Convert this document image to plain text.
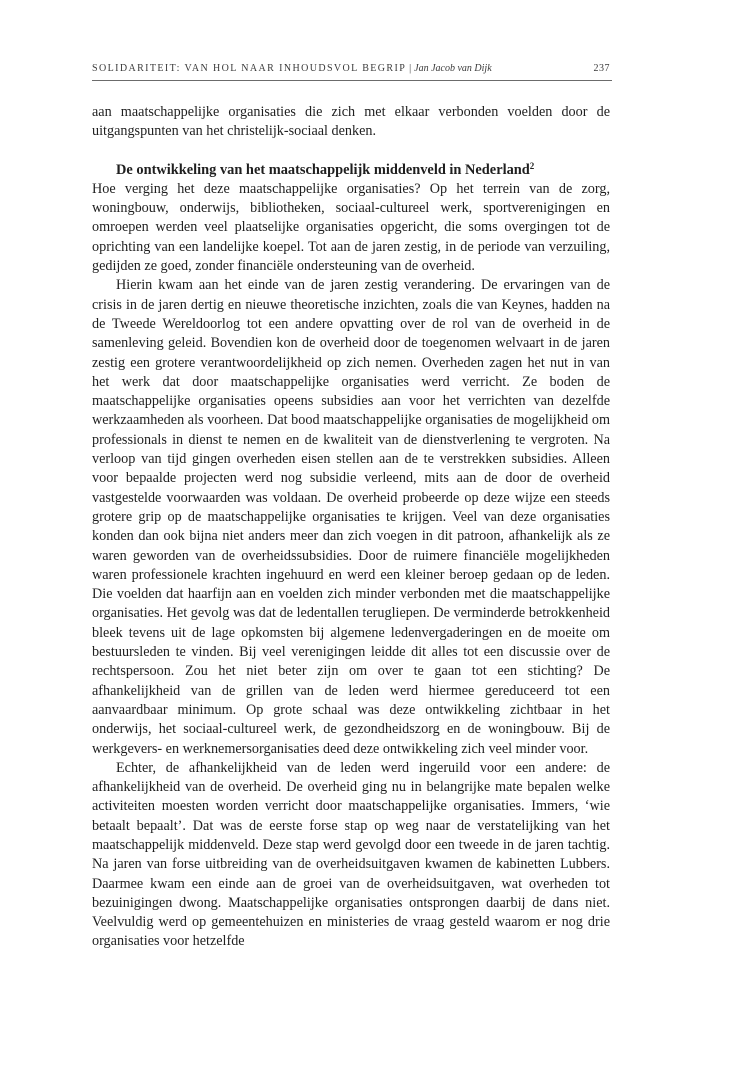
SOLIDARITEIT: VAN HOL NAAR INHOUDSVOL BEGRIP | Jan Jacob van Dijk	237

aan maatschappelijke organisaties die zich met elkaar verbonden voelden door de uitgangspunten van het christelijk-sociaal denken.

De ontwikkeling van het maatschappelijk middenveld in Nederland$^2$

Hoe verging het deze maatschappelijke organisaties? Op het terrein van de zorg, woningbouw, onderwijs, bibliotheken, sociaal-cultureel werk, sportverenigingen en omroepen werden veel plaatselijke organisaties opgericht, die soms overgingen tot de oprichting van een landelijke koepel. Tot aan de jaren zestig, in de periode van verzuiling, gedijden ze goed, zonder financiële ondersteuning van de overheid.

Hierin kwam aan het einde van de jaren zestig verandering. De ervaringen van de crisis in de jaren dertig en nieuwe theoretische inzichten, zoals die van Keynes, hadden na de Tweede Wereldoorlog tot een andere opvatting over de rol van de overheid in de samenleving geleid. Bovendien kon de overheid door de toegenomen welvaart in de jaren zestig een grotere verantwoordelijkheid op zich nemen. Overheden zagen het nut in van het werk dat door maatschappelijke organisaties werd verricht. Ze boden de maatschappelijke organisaties opeens subsidies aan voor het verrichten van dezelfde werkzaamheden als voorheen. Dat bood maatschappelijke organisaties de mogelijkheid om professionals in dienst te nemen en de kwaliteit van de dienstverlening te vergroten. Na verloop van tijd gingen overheden eisen stellen aan de te verstrekken subsidies. Alleen voor bepaalde projecten werd nog subsidie verleend, mits aan de door de overheid vastgestelde voorwaarden was voldaan. De overheid probeerde op deze wijze een steeds grotere grip op de maatschappelijke organisaties te krijgen. Veel van deze organisaties konden dan ook bijna niet anders meer dan zich voegen in dit patroon, afhankelijk als ze waren geworden van de overheidssubsidies. Door de ruimere financiële mogelijkheden waren professionele krachten ingehuurd en werd een kleiner beroep gedaan op de leden. Die voelden dat haarfijn aan en voelden zich minder verbonden met die maatschappelijke organisaties. Het gevolg was dat de ledentallen terugliepen. De verminderde betrokkenheid bleek tevens uit de lage opkomsten bij algemene ledenvergaderingen en de moeite om bestuursleden te vinden. Bij veel verenigingen leidde dit alles tot een discussie over de rechtspersoon. Zou het niet beter zijn om over te gaan tot een stichting? De afhankelijkheid van de grillen van de leden werd hiermee gereduceerd tot een aanvaardbaar minimum. Op grote schaal was deze ontwikkeling zichtbaar in het onderwijs, het sociaal-cultureel werk, de gezondheidszorg en de woningbouw. Bij de werkgevers- en werknemersorganisaties deed deze ontwikkeling zich veel minder voor.

Echter, de afhankelijkheid van de leden werd ingeruild voor een andere: de afhankelijkheid van de overheid. De overheid ging nu in belangrijke mate bepalen welke activiteiten moesten worden verricht door maatschappelijke organisaties. Immers, ‘wie betaalt bepaalt’. Dat was de eerste forse stap op weg naar de verstatelijking van het maatschappelijk middenveld. Deze stap werd gevolgd door een tweede in de jaren tachtig. Na jaren van forse uitbreiding van de overheidsuitgaven kwamen de kabinetten Lubbers. Daarmee kwam een einde aan de groei van de overheidsuitgaven, wat overheden tot bezuinigingen dwong. Maatschappelijke organisaties ontsprongen daarbij de dans niet. Veelvuldig werd op gemeentehuizen en ministeries de vraag gesteld waarom er nog drie organisaties voor hetzelfde
